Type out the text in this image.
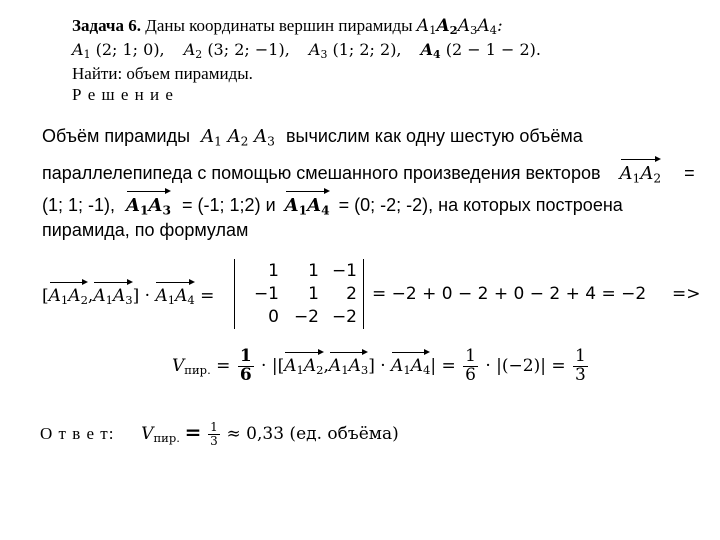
Задача 6. Даны координаты вершин пирамиды $A_1A_2A_3A_4$:
$A_1$ (2; 1; 0), $A_2$ (3; 2; −1), $A_3$ (1; 2; 2), $A_4$ (2 − 1 − 2).
Найти: объем пирамиды.
Р е ш е н и е
Объём пирамиды $A_1$ $A_2$ $A_3$ вычислим как одну шестую объёма
параллелепипеда с помощью смешанного произведения векторов $A_1A_2$ =
(1; 1; -1), $A_1A_3 = (-1$; 1;2) и $A_1A_4 = (0$; -2; -2), на которых построена
пирамида, по формулам
$[A_1A_2,A_1A_3] \cdot A_1A_4$ =
1	1 −1
−1	1	2
0 −2 −2
= −2 + 0 − 2 + 0 − 2 + 4 = −2 =>
$V_{пир.} = \frac{1}{6} \cdot |[A_1A_2,A_1A_3] \cdot A_1A_4| = \frac{1}{6} \cdot |(-2)| = \frac{1}{3}$
О т в е т: $V_{пир.} = \frac{1}{3} \approx 0,33$ (ед. объёма)
